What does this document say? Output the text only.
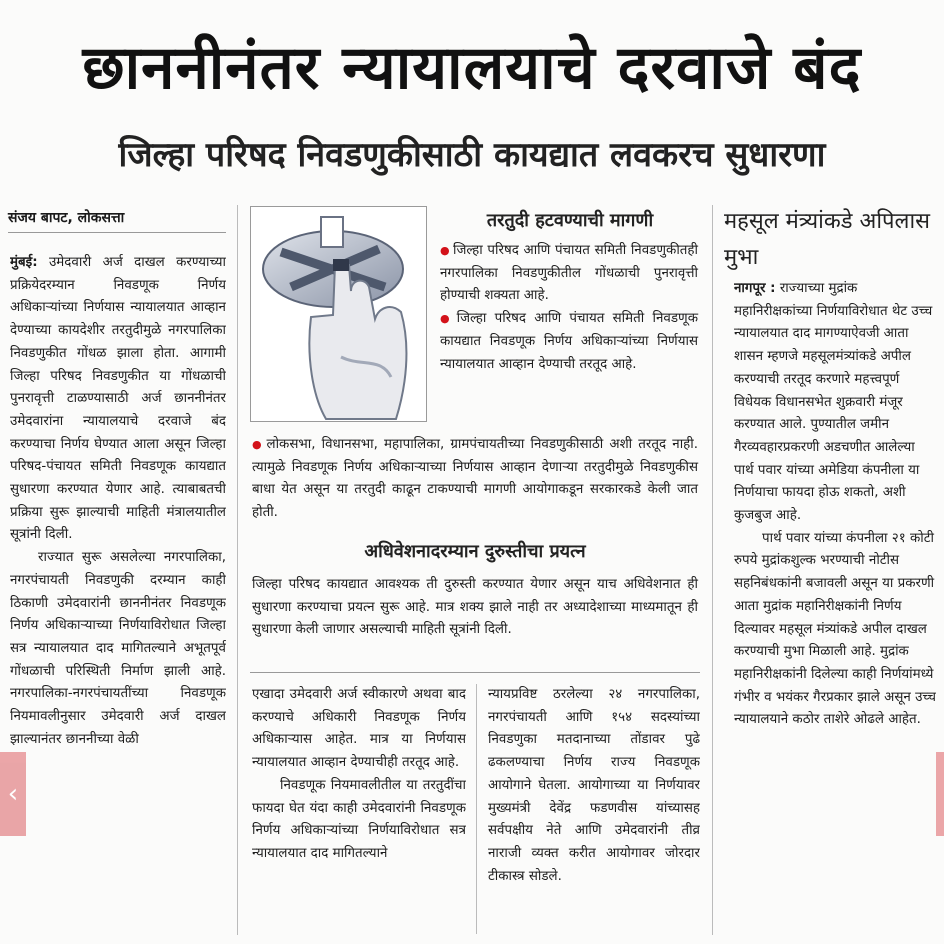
छाननीनंतर न्यायालयाचे दरवाजे बंद
जिल्हा परिषद निवडणुकीसाठी कायद्यात लवकरच सुधारणा
संजय बापट, लोकसत्ता

मुंबई: उमेदवारी अर्ज दाखल करण्याच्या प्रक्रियेदरम्यान निवडणूक निर्णय अधिकाऱ्यांच्या निर्णयास न्यायालयात आव्हान देण्याच्या कायदेशीर तरतुदीमुळे नगरपालिका निवडणुकीत गोंधळ झाला होता. आगामी जिल्हा परिषद निवडणुकीत या गोंधळाची पुनरावृत्ती टाळण्यासाठी अर्ज छाननीनंतर उमेदवारांना न्यायालयाचे दरवाजे बंद करण्याचा निर्णय घेण्यात आला असून जिल्हा परिषद-पंचायत समिती निवडणूक कायद्यात सुधारणा करण्यात येणार आहे. त्याबाबतची प्रक्रिया सुरू झाल्याची माहिती मंत्रालयातील सूत्रांनी दिली.

राज्यात सुरू असलेल्या नगरपालिका, नगरपंचायती निवडणुकी दरम्यान काही ठिकाणी उमेदवारांनी छाननीनंतर निवडणूक निर्णय अधिकाऱ्याच्या निर्णयाविरोधात जिल्हा सत्र न्यायालयात दाद मागितल्याने अभूतपूर्व गोंधळाची परिस्थिती निर्माण झाली आहे. नगरपालिका-नगरपंचायतींच्या निवडणूक नियमावलीनुसार उमेदवारी अर्ज दाखल झाल्यानंतर छाननीच्या वेळी

तरतुदी हटवण्याची मागणी

● जिल्हा परिषद आणि पंचायत समिती निवडणुकीतही नगरपालिका निवडणुकीतील गोंधळाची पुनरावृत्ती होण्याची शक्यता आहे.

● जिल्हा परिषद आणि पंचायत समिती निवडणूक कायद्यात निवडणूक निर्णय अधिकाऱ्यांच्या निर्णयास न्यायालयात आव्हान देण्याची तरतूद आहे.

● लोकसभा, विधानसभा, महापालिका, ग्रामपंचायतीच्या निवडणुकीसाठी अशी तरतूद नाही. त्यामुळे निवडणूक निर्णय अधिकाऱ्याच्या निर्णयास आव्हान देणाऱ्या तरतुदीमुळे निवडणुकीस बाधा येत असून या तरतुदी काढून टाकण्याची मागणी आयोगाकडून सरकारकडे केली जात होती.

अधिवेशनादरम्यान दुरुस्तीचा प्रयत्न
जिल्हा परिषद कायद्यात आवश्यक ती दुरुस्ती करण्यात येणार असून याच अधिवेशनात ही सुधारणा करण्याचा प्रयत्न सुरू आहे. मात्र शक्य झाले नाही तर अध्यादेशाच्या माध्यमातून ही सुधारणा केली जाणार असल्याची माहिती सूत्रांनी दिली.

एखादा उमेदवारी अर्ज स्वीकारणे अथवा बाद करण्याचे अधिकारी निवडणूक निर्णय अधिकाऱ्यास आहेत. मात्र या निर्णयास न्यायालयात आव्हान देण्याचीही तरतूद आहे.

निवडणूक नियमावलीतील या तरतुदींचा फायदा घेत यंदा काही उमेदवारांनी निवडणूक निर्णय अधिकाऱ्यांच्या निर्णयाविरोधात सत्र न्यायालयात दाद मागितल्याने

न्यायप्रविष्ट ठरलेल्या २४ नगरपालिका, नगरपंचायती आणि १५४ सदस्यांच्या निवडणुका मतदानाच्या तोंडावर पुढे ढकलण्याचा निर्णय राज्य निवडणूक आयोगाने घेतला. आयोगाच्या या निर्णयावर मुख्यमंत्री देवेंद्र फडणवीस यांच्यासह सर्वपक्षीय नेते आणि उमेदवारांनी तीव्र नाराजी व्यक्त करीत आयोगावर जोरदार टीकास्त्र सोडले.

महसूल मंत्र्यांकडे अपिलास मुभा

नागपूर : राज्याच्या मुद्रांक महानिरीक्षकांच्या निर्णयाविरोधात थेट उच्च न्यायालयात दाद मागण्याऐवजी आता शासन म्हणजे महसूलमंत्र्यांकडे अपील करण्याची तरतूद करणारे महत्त्वपूर्ण विधेयक विधानसभेत शुक्रवारी मंजूर करण्यात आले. पुण्यातील जमीन गैरव्यवहारप्रकरणी अडचणीत आलेल्या पार्थ पवार यांच्या अमेडिया कंपनीला या निर्णयाचा फायदा होऊ शकतो, अशी कुजबुज आहे.

पार्थ पवार यांच्या कंपनीला २१ कोटी रुपये मुद्रांकशुल्क भरण्याची नोटीस सहनिबंधकांनी बजावली असून या प्रकरणी आता मुद्रांक महानिरीक्षकांनी निर्णय दिल्यावर महसूल मंत्र्यांकडे अपील दाखल करण्याची मुभा मिळाली आहे. मुद्रांक महानिरीक्षकांनी दिलेल्या काही निर्णयांमध्ये गंभीर व भयंकर गैरप्रकार झाले असून उच्च न्यायालयाने कठोर ताशेरे ओढले आहेत.

‹
